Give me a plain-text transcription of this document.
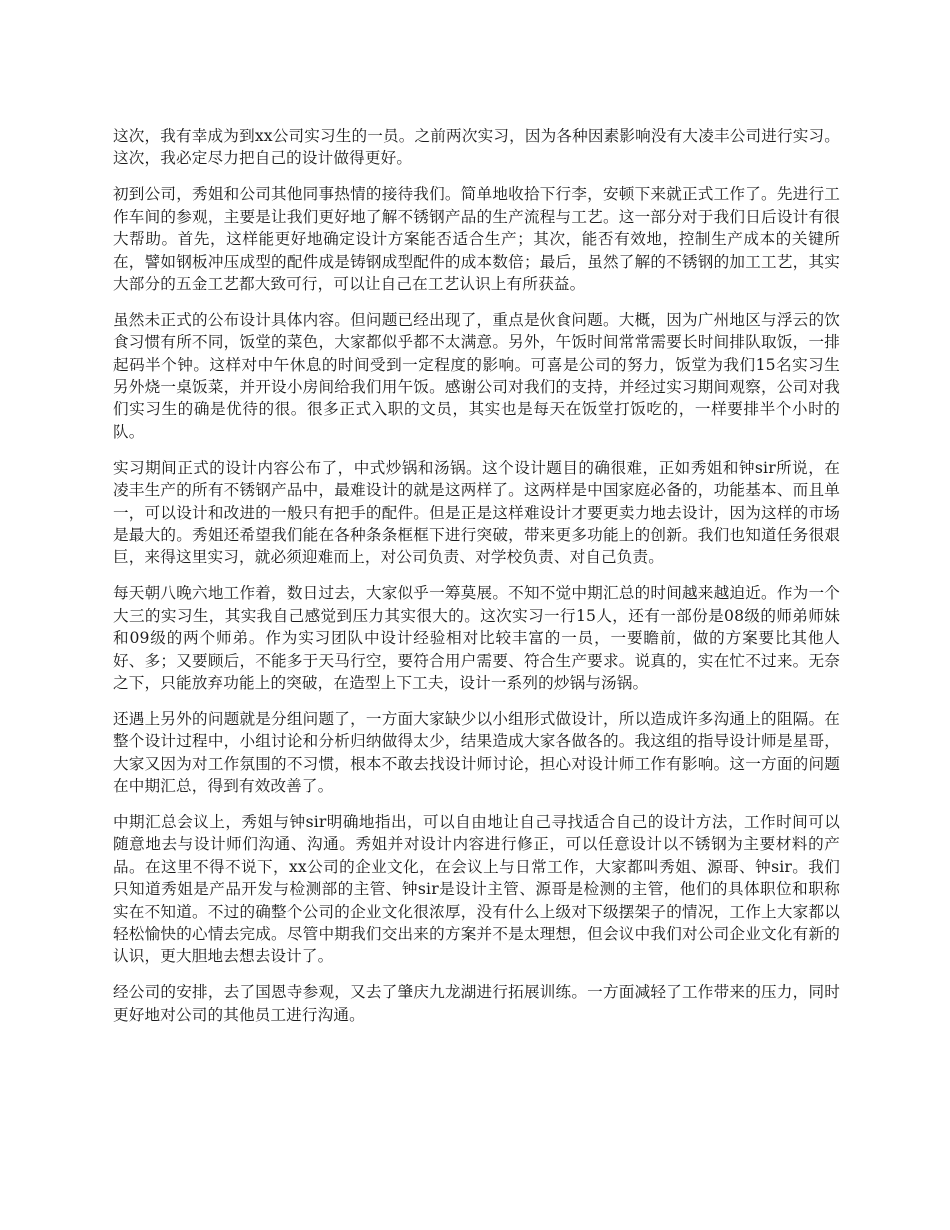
这次，我有幸成为到xx公司实习生的一员。之前两次实习，因为各种因素影响没有大凌丰公司进行实习。这次，我必定尽力把自己的设计做得更好。

初到公司，秀姐和公司其他同事热情的接待我们。简单地收拾下行李，安顿下来就正式工作了。先进行工作车间的参观，主要是让我们更好地了解不锈钢产品的生产流程与工艺。这一部分对于我们日后设计有很大帮助。首先，这样能更好地确定设计方案能否适合生产；其次，能否有效地，控制生产成本的关键所在，譬如钢板冲压成型的配件成是铸钢成型配件的成本数倍；最后，虽然了解的不锈钢的加工工艺，其实大部分的五金工艺都大致可行，可以让自己在工艺认识上有所获益。

虽然未正式的公布设计具体内容。但问题已经出现了，重点是伙食问题。大概，因为广州地区与浮云的饮食习惯有所不同，饭堂的菜色，大家都似乎都不太满意。另外，午饭时间常常需要长时间排队取饭，一排起码半个钟。这样对中午休息的时间受到一定程度的影响。可喜是公司的努力，饭堂为我们15名实习生另外烧一桌饭菜，并开设小房间给我们用午饭。感谢公司对我们的支持，并经过实习期间观察，公司对我们实习生的确是优待的很。很多正式入职的文员，其实也是每天在饭堂打饭吃的，一样要排半个小时的队。

实习期间正式的设计内容公布了，中式炒锅和汤锅。这个设计题目的确很难，正如秀姐和钟sir所说，在凌丰生产的所有不锈钢产品中，最难设计的就是这两样了。这两样是中国家庭必备的，功能基本、而且单一，可以设计和改进的一般只有把手的配件。但是正是这样难设计才要更卖力地去设计，因为这样的市场是最大的。秀姐还希望我们能在各种条条框框下进行突破，带来更多功能上的创新。我们也知道任务很艰巨，来得这里实习，就必须迎难而上，对公司负责、对学校负责、对自己负责。

每天朝八晚六地工作着，数日过去，大家似乎一筹莫展。不知不觉中期汇总的时间越来越迫近。作为一个大三的实习生，其实我自己感觉到压力其实很大的。这次实习一行15人，还有一部份是08级的师弟师妹和09级的两个师弟。作为实习团队中设计经验相对比较丰富的一员，一要瞻前，做的方案要比其他人好、多；又要顾后，不能多于天马行空，要符合用户需要、符合生产要求。说真的，实在忙不过来。无奈之下，只能放弃功能上的突破，在造型上下工夫，设计一系列的炒锅与汤锅。

还遇上另外的问题就是分组问题了，一方面大家缺少以小组形式做设计，所以造成许多沟通上的阻隔。在整个设计过程中，小组讨论和分析归纳做得太少，结果造成大家各做各的。我这组的指导设计师是星哥，大家又因为对工作氛围的不习惯，根本不敢去找设计师讨论，担心对设计师工作有影响。这一方面的问题在中期汇总，得到有效改善了。

中期汇总会议上，秀姐与钟sir明确地指出，可以自由地让自己寻找适合自己的设计方法，工作时间可以随意地去与设计师们沟通、沟通。秀姐并对设计内容进行修正，可以任意设计以不锈钢为主要材料的产品。在这里不得不说下，xx公司的企业文化，在会议上与日常工作，大家都叫秀姐、源哥、钟sir。我们只知道秀姐是产品开发与检测部的主管、钟sir是设计主管、源哥是检测的主管，他们的具体职位和职称实在不知道。不过的确整个公司的企业文化很浓厚，没有什么上级对下级摆架子的情况，工作上大家都以轻松愉快的心情去完成。尽管中期我们交出来的方案并不是太理想，但会议中我们对公司企业文化有新的认识，更大胆地去想去设计了。

经公司的安排，去了国恩寺参观，又去了肇庆九龙湖进行拓展训练。一方面减轻了工作带来的压力，同时更好地对公司的其他员工进行沟通。
